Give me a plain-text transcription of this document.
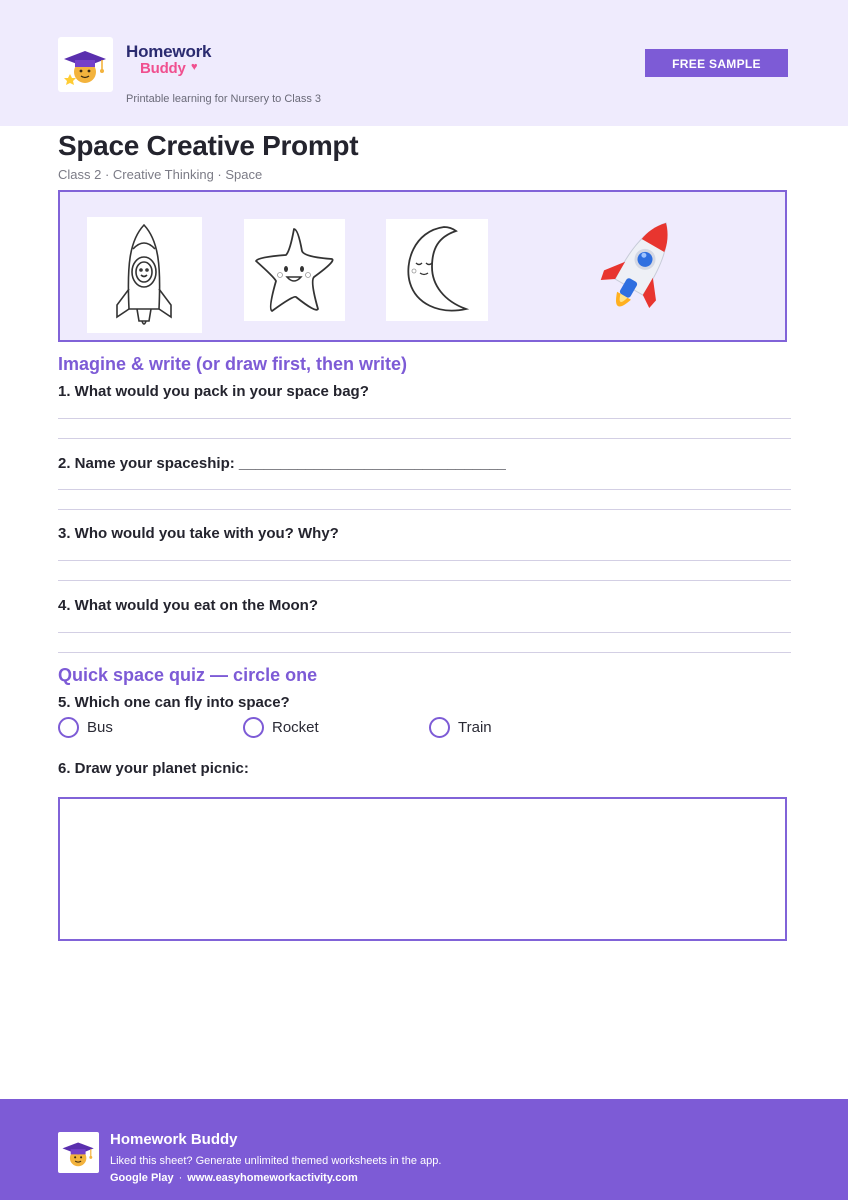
Homework
Buddy ♥
Printable learning for Nursery to Class 3
FREE SAMPLE
Space Creative Prompt
Class 2 · Creative Thinking · Space
Imagine & write (or draw first, then write)
1. What would you pack in your space bag?
2. Name your spaceship: ________________________________
3. Who would you take with you? Why?
4. What would you eat on the Moon?
Quick space quiz — circle one
5. Which one can fly into space?
Bus	Rocket	Train
6. Draw your planet picnic:
Homework Buddy
Liked this sheet? Generate unlimited themed worksheets in the app.
Google Play · www.easyhomeworkactivity.com
